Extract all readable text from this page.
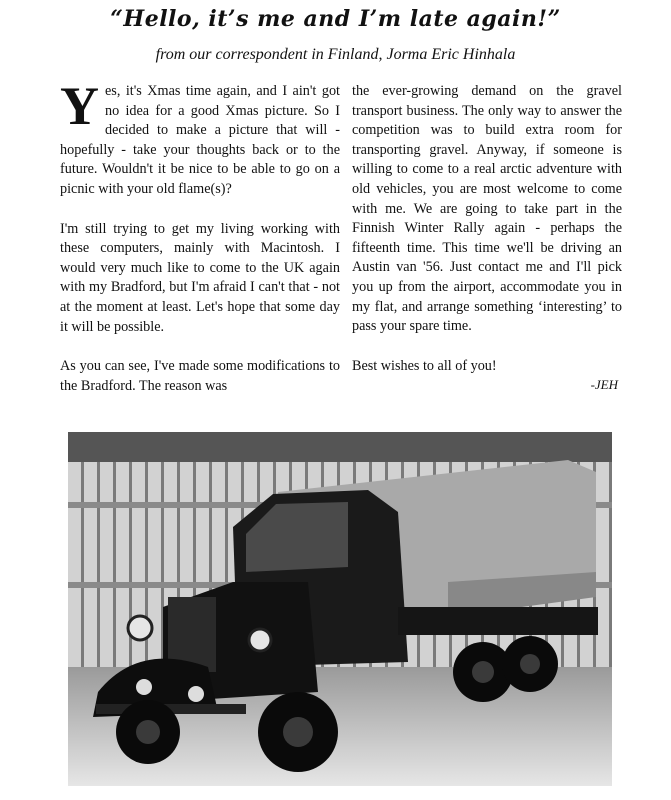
“Hello, it’s me and I’m late again!”
from our correspondent in Finland, Jorma Eric Hinhala

Yes, it's Xmas time again, and I ain't got no idea for a good Xmas picture. So I decided to make a picture that will - hopefully - take your thoughts back or to the future. Wouldn't it be nice to be able to go on a picnic with your old flame(s)?

I'm still trying to get my living working with these computers, mainly with Macintosh. I would very much like to come to the UK again with my Bradford, but I'm afraid I can't that - not at the moment at least. Let's hope that some day it will be possible.

As you can see, I've made some modifications to the Bradford. The reason was

the ever-growing demand on the gravel transport business. The only way to answer the competition was to build extra room for transporting gravel. Anyway, if someone is willing to come to a real arctic adventure with old vehicles, you are most welcome to come with me. We are going to take part in the Finnish Winter Rally again - perhaps the fifteenth time. This time we'll be driving an Austin van '56. Just contact me and I'll pick you up from the airport, accommodate you in my flat, and arrange something ‘interesting’ to pass your spare time.

Best wishes to all of you!
-JEH
